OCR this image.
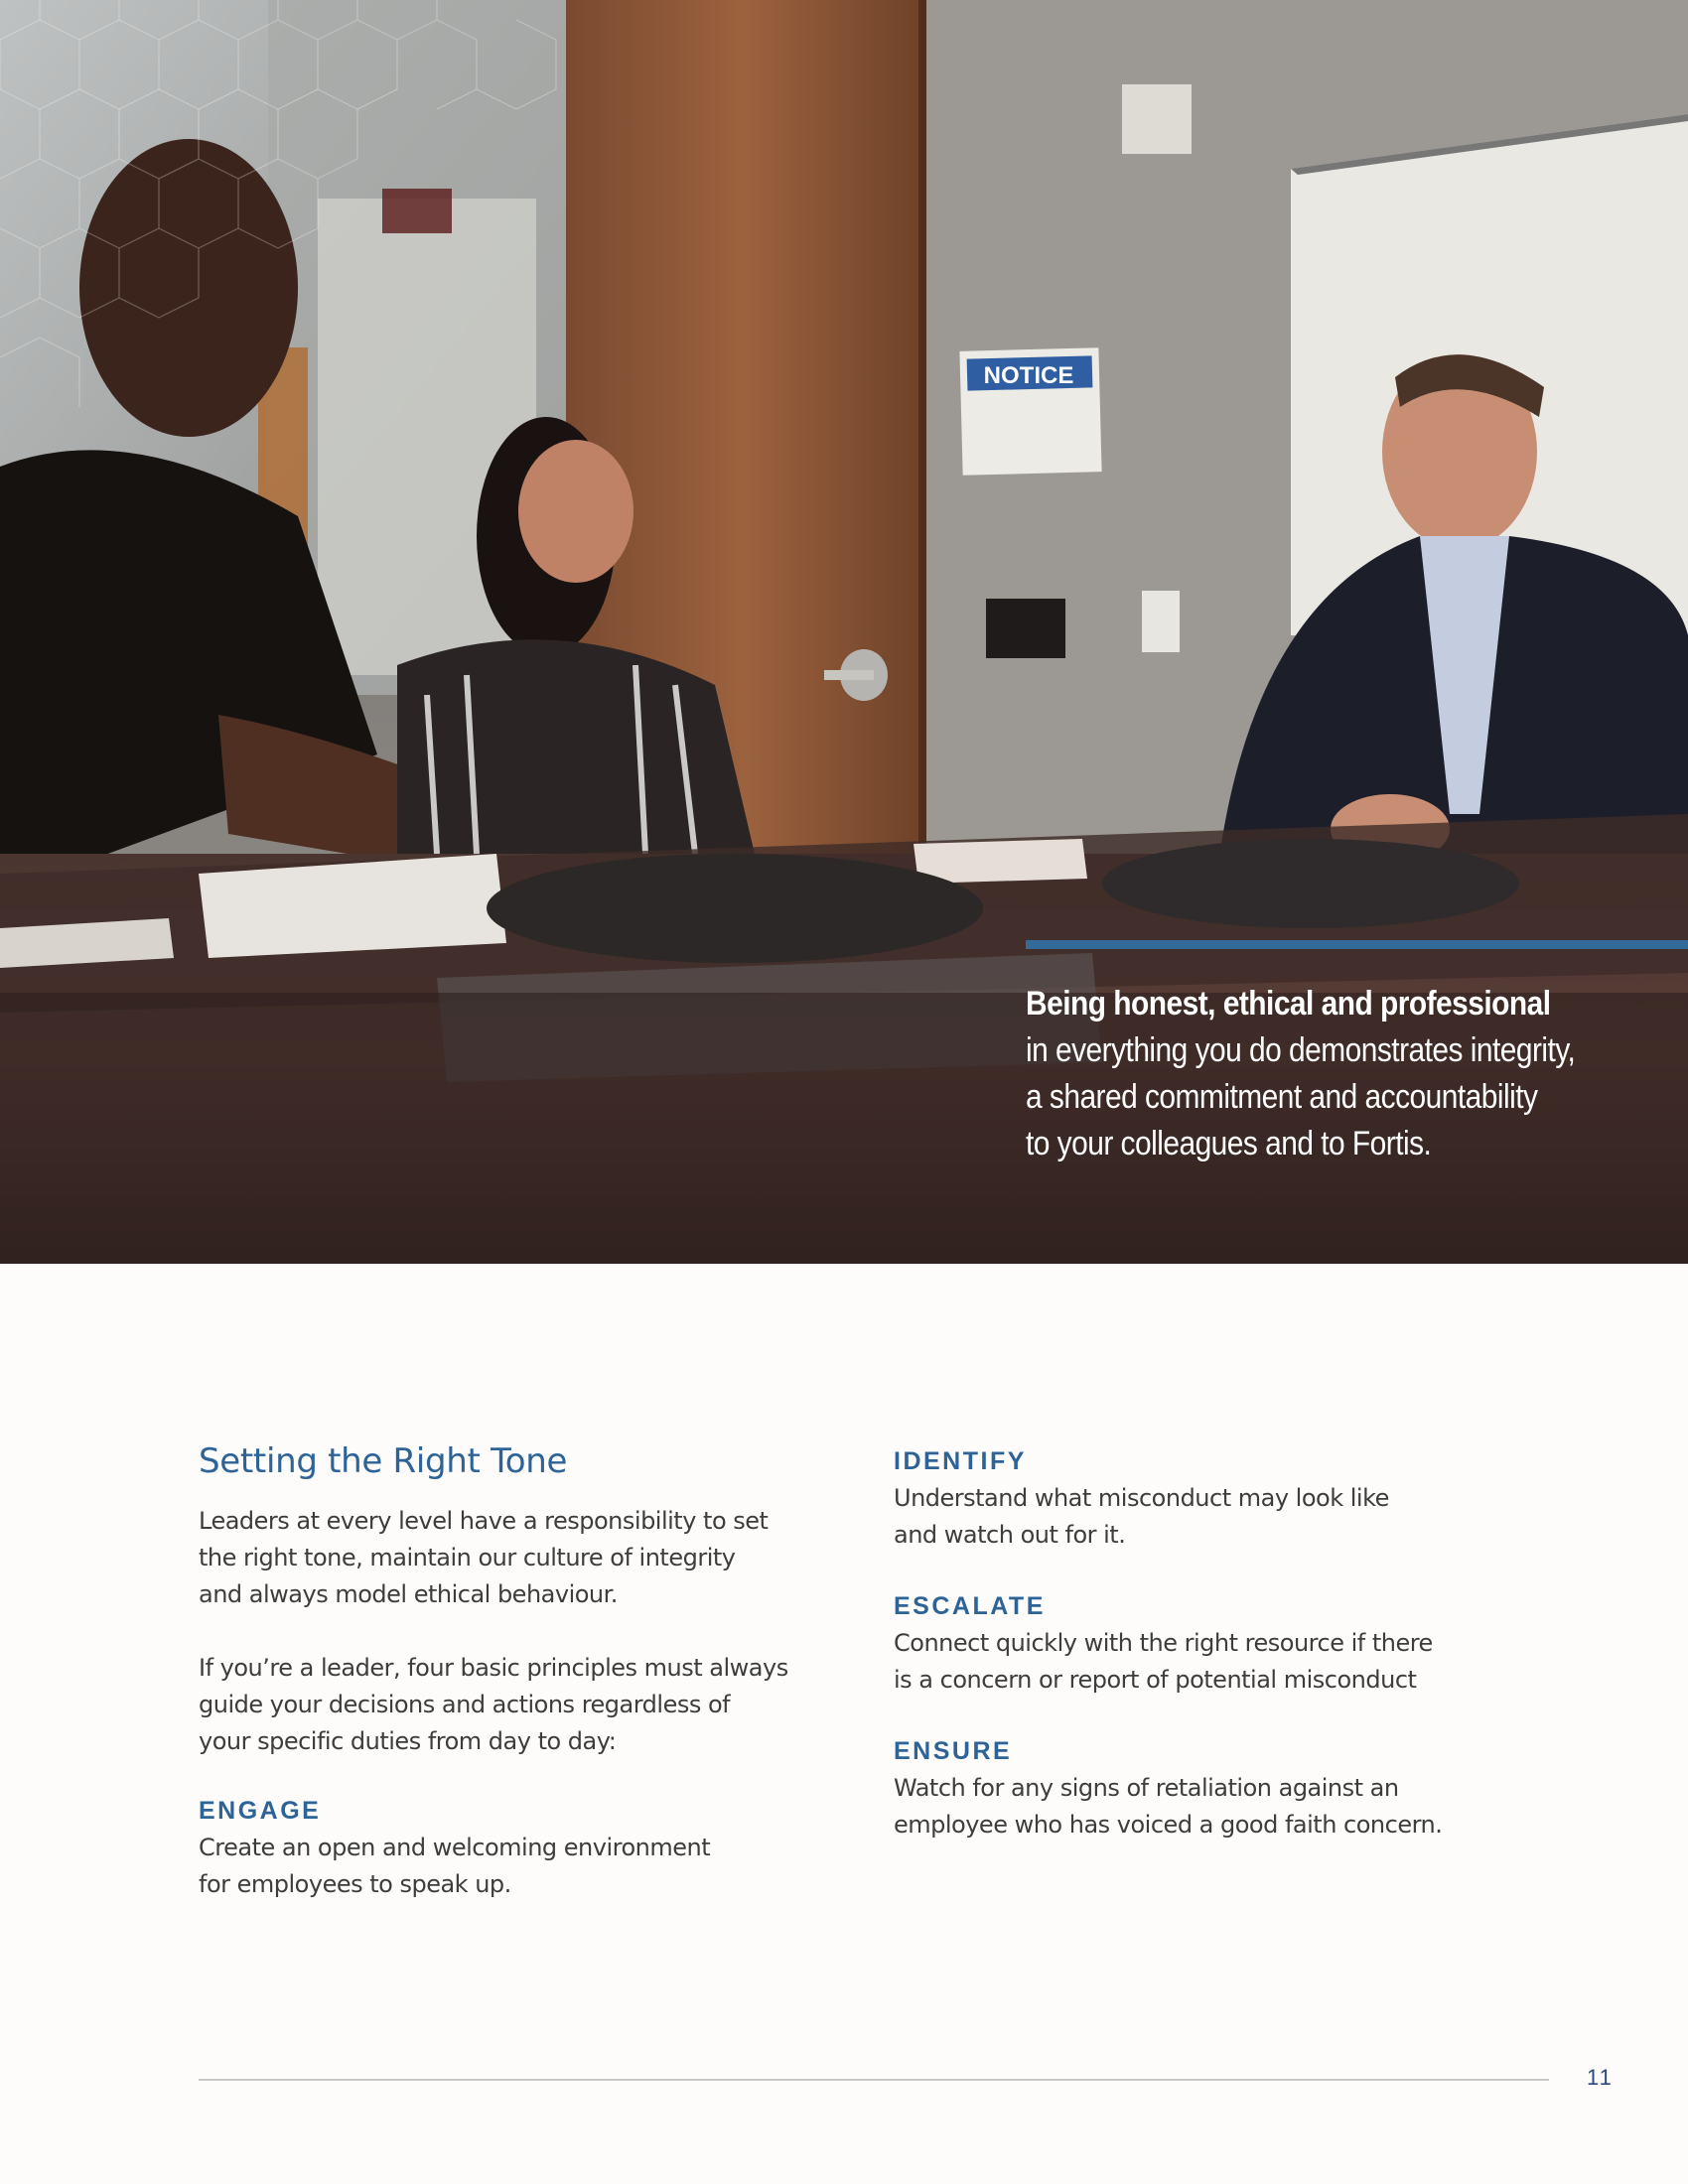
NOTICE
Being honest, ethical and professional
in everything you do demonstrates integrity,
a shared commitment and accountability
to your colleagues and to Fortis.
Setting the Right Tone
Leaders at every level have a responsibility to set
the right tone, maintain our culture of integrity
and always model ethical behaviour.
If you’re a leader, four basic principles must always
guide your decisions and actions regardless of
your specific duties from day to day:
ENGAGE
Create an open and welcoming environment
for employees to speak up.
IDENTIFY
Understand what misconduct may look like
and watch out for it.
ESCALATE
Connect quickly with the right resource if there
is a concern or report of potential misconduct
ENSURE
Watch for any signs of retaliation against an
employee who has voiced a good faith concern.
11
